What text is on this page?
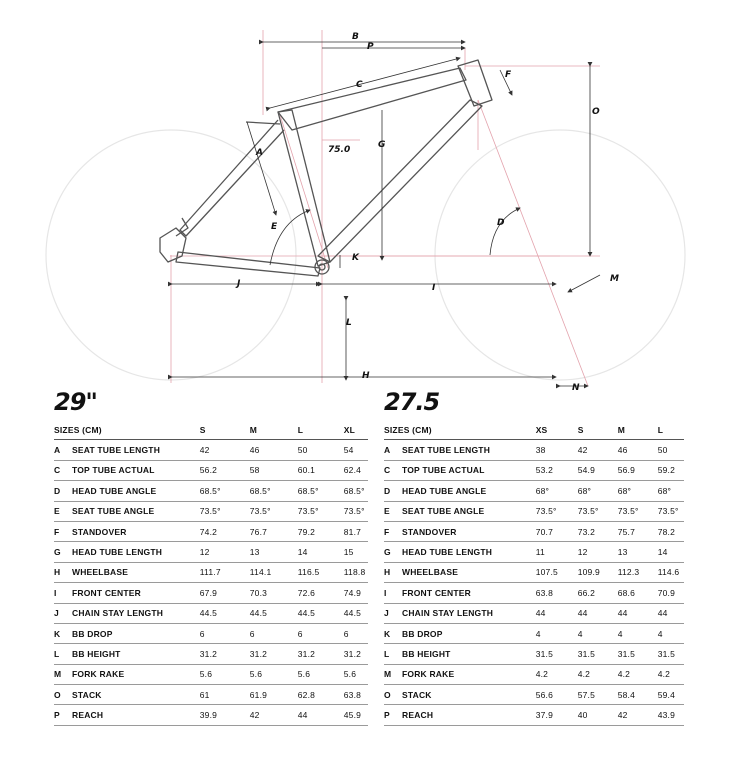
B
P
C
F
O
A	75.0	G
E	D
K
M
J	I
L
H
N
29"
SIZES (CM)		S	M	L	XL
A	SEAT TUBE LENGTH	42	46	50	54
C	TOP TUBE ACTUAL	56.2	58	60.1	62.4
D	HEAD TUBE ANGLE	68.5°	68.5°	68.5°	68.5°
E	SEAT TUBE ANGLE	73.5°	73.5°	73.5°	73.5°
F	STANDOVER	74.2	76.7	79.2	81.7
G	HEAD TUBE LENGTH	12	13	14	15
H	WHEELBASE	111.7	114.1	116.5	118.8
I	FRONT CENTER	67.9	70.3	72.6	74.9
J	CHAIN STAY LENGTH	44.5	44.5	44.5	44.5
K	BB DROP	6	6	6	6
L	BB HEIGHT	31.2	31.2	31.2	31.2
M	FORK RAKE	5.6	5.6	5.6	5.6
O	STACK	61	61.9	62.8	63.8
P	REACH	39.9	42	44	45.9
27.5
SIZES (CM)		XS	S	M	L
A	SEAT TUBE LENGTH	38	42	46	50
C	TOP TUBE ACTUAL	53.2	54.9	56.9	59.2
D	HEAD TUBE ANGLE	68°	68°	68°	68°
E	SEAT TUBE ANGLE	73.5°	73.5°	73.5°	73.5°
F	STANDOVER	70.7	73.2	75.7	78.2
G	HEAD TUBE LENGTH	11	12	13	14
H	WHEELBASE	107.5	109.9	112.3	114.6
I	FRONT CENTER	63.8	66.2	68.6	70.9
J	CHAIN STAY LENGTH	44	44	44	44
K	BB DROP	4	4	4	4
L	BB HEIGHT	31.5	31.5	31.5	31.5
M	FORK RAKE	4.2	4.2	4.2	4.2
O	STACK	56.6	57.5	58.4	59.4
P	REACH	37.9	40	42	43.9
